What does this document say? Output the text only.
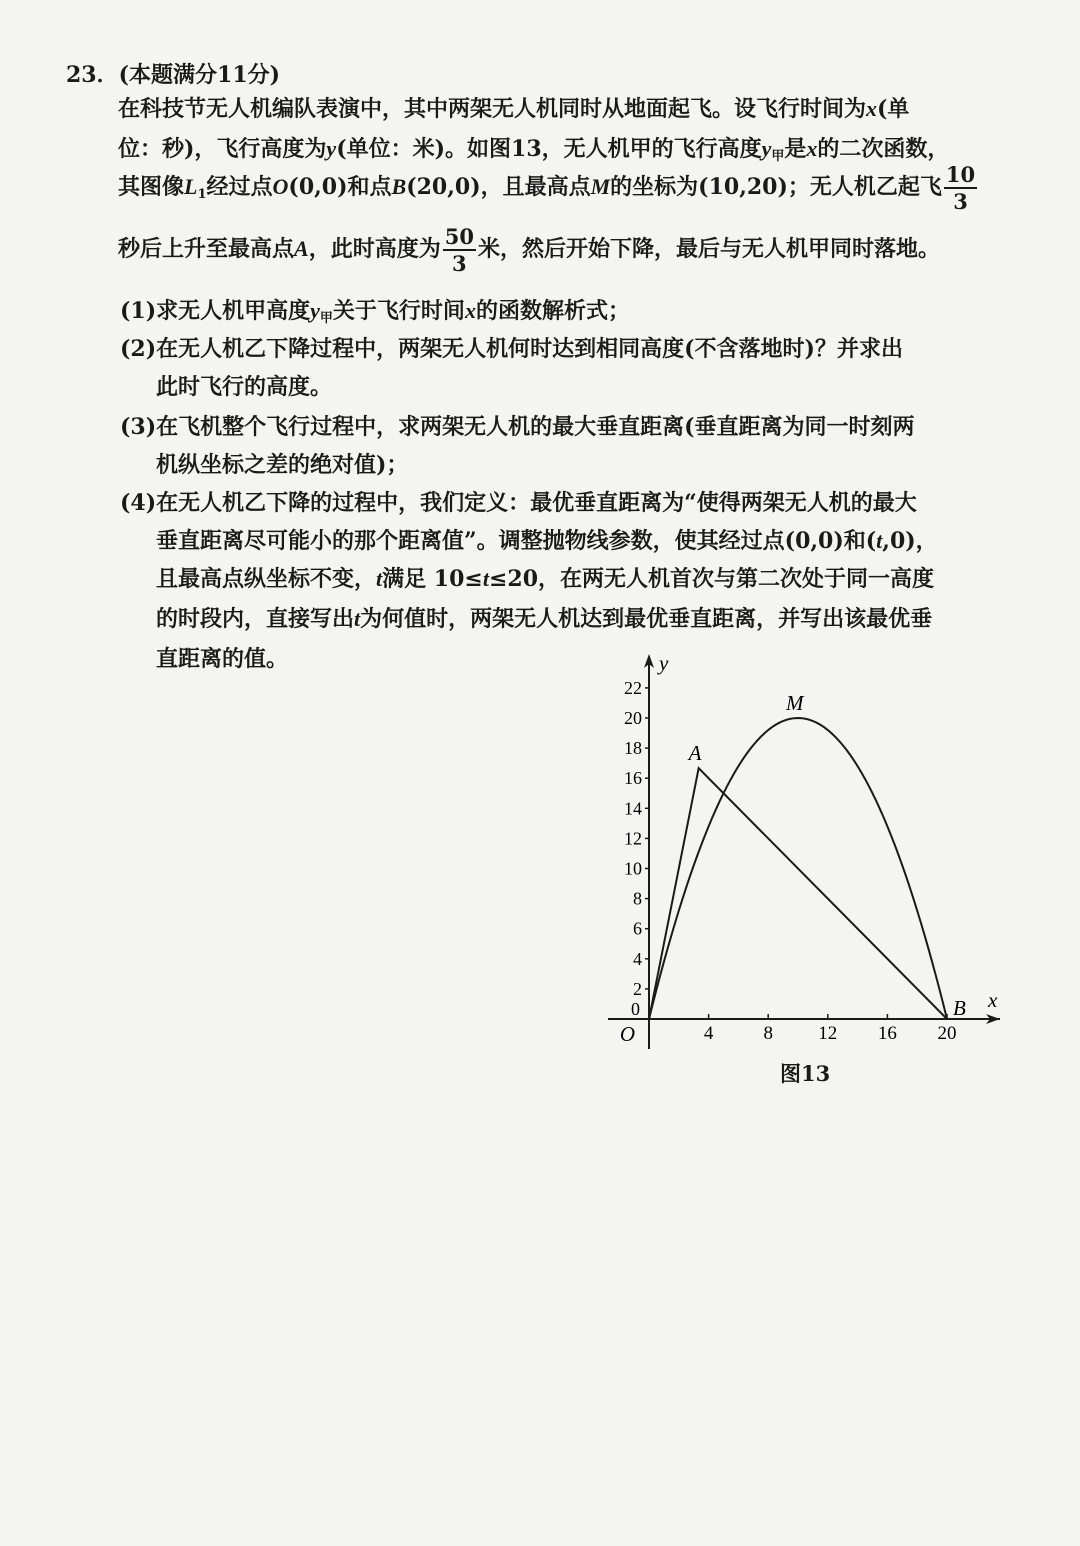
23．(本题满分11分)
在科技节无人机编队表演中，其中两架无人机同时从地面起飞。设飞行时间为x(单
位：秒)，飞行高度为y(单位：米)。如图13，无人机甲的飞行高度$y_甲$是x的二次函数，
其图像$L_1$经过点O(0,0)和点B(20,0)，且最高点M的坐标为(10,20)；无人机乙起飞 $\frac{10}{3}$
秒后上升至最高点A，此时高度为 $\frac{50}{3}$ 米，然后开始下降，最后与无人机甲同时落地。
(1)求无人机甲高度$y_甲$关于飞行时间x的函数解析式；
(2)在无人机乙下降过程中，两架无人机何时达到相同高度(不含落地时)？并求出
此时飞行的高度。
(3)在飞机整个飞行过程中，求两架无人机的最大垂直距离(垂直距离为同一时刻两
机纵坐标之差的绝对值)；
(4)在无人机乙下降的过程中，我们定义：最优垂直距离为“使得两架无人机的最大
垂直距离尽可能小的那个距离值”。调整抛物线参数，使其经过点(0,0)和(t,0)，
且最高点纵坐标不变，t满足 10≤t≤20，在两无人机首次与第二次处于同一高度
的时段内，直接写出t为何值时，两架无人机达到最优垂直距离，并写出该最优垂
直距离的值。
4	8 12 16 20
2
4
6
8
10
12
14
16
18
20
22
0
O
x
y
M
A
B
图13
